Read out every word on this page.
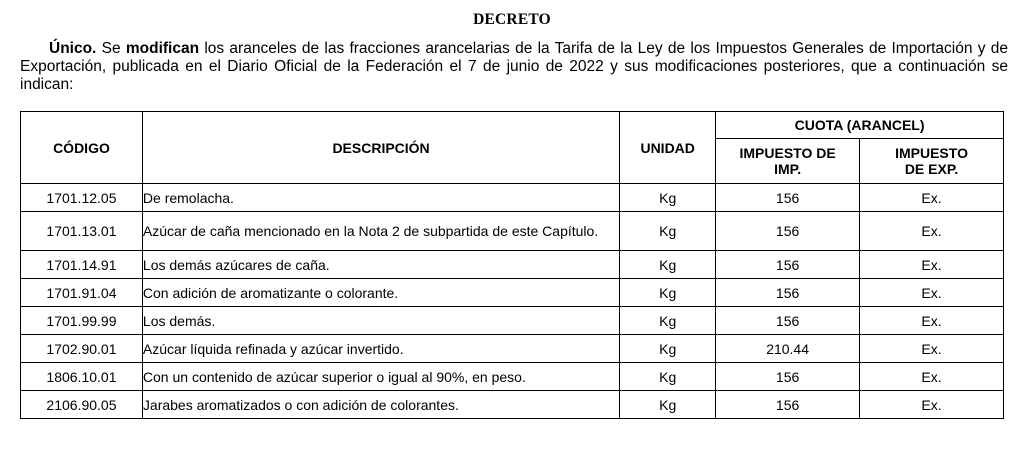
DECRETO

Único. Se modifican los aranceles de las fracciones arancelarias de la Tarifa de la Ley de los Impuestos Generales de Importación y de Exportación, publicada en el Diario Oficial de la Federación el 7 de junio de 2022 y sus modificaciones posteriores, que a continuación se indican:

CÓDIGO	DESCRIPCIÓN	UNIDAD	CUOTA (ARANCEL)	
			IMPUESTO DE IMP.	IMPUESTO DE EXP.
1701.12.05	De remolacha.	Kg	156	Ex.
1701.13.01	Azúcar de caña mencionado en la Nota 2 de subpartida de este Capítulo.	Kg	156	Ex.
1701.14.91	Los demás azúcares de caña.	Kg	156	Ex.
1701.91.04	Con adición de aromatizante o colorante.	Kg	156	Ex.
1701.99.99	Los demás.	Kg	156	Ex.
1702.90.01	Azúcar líquida refinada y azúcar invertido.	Kg	210.44	Ex.
1806.10.01	Con un contenido de azúcar superior o igual al 90%, en peso.	Kg	156	Ex.
2106.90.05	Jarabes aromatizados o con adición de colorantes.	Kg	156	Ex.
